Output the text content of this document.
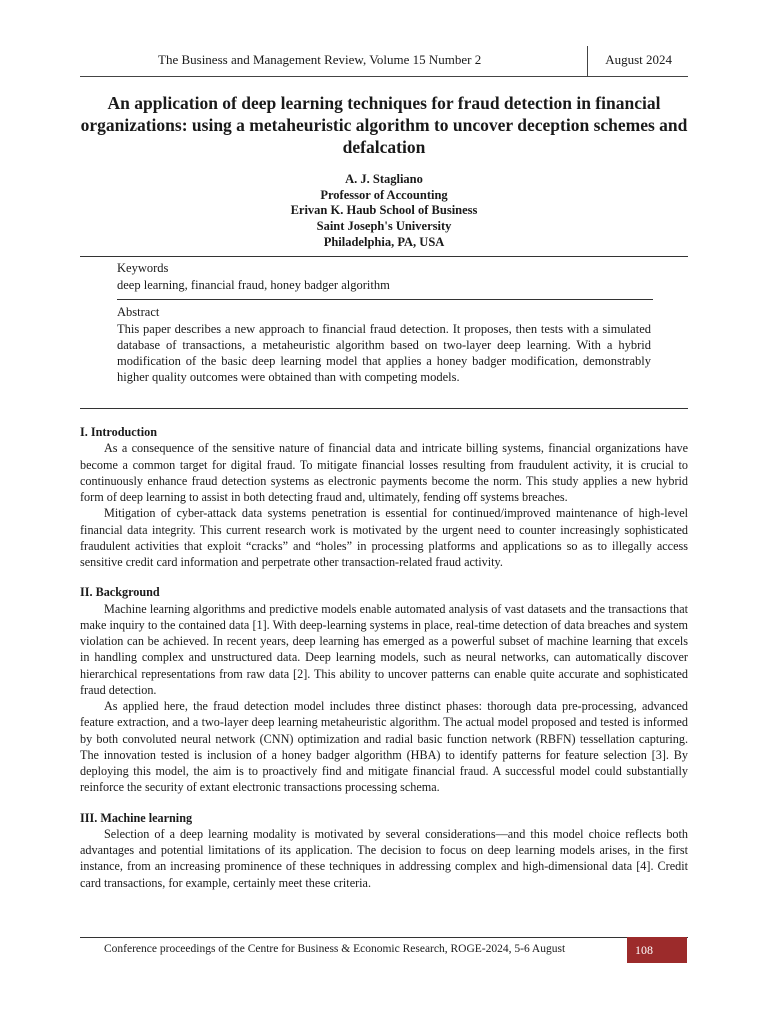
The Business and Management Review, Volume 15 Number 2	August 2024
An application of deep learning techniques for fraud detection in financial organizations: using a metaheuristic algorithm to uncover deception schemes and defalcation
A. J. Stagliano
Professor of Accounting
Erivan K. Haub School of Business
Saint Joseph's University
Philadelphia, PA, USA
Keywords
deep learning, financial fraud, honey badger algorithm
Abstract
This paper describes a new approach to financial fraud detection. It proposes, then tests with a simulated database of transactions, a metaheuristic algorithm based on two-layer deep learning. With a hybrid modification of the basic deep learning model that applies a honey badger modification, demonstrably higher quality outcomes were obtained than with competing models.
I. Introduction

As a consequence of the sensitive nature of financial data and intricate billing systems, financial organizations have become a common target for digital fraud. To mitigate financial losses resulting from fraudulent activity, it is crucial to continuously enhance fraud detection systems as electronic payments become the norm. This study applies a new hybrid form of deep learning to assist in both detecting fraud and, ultimately, fending off systems breaches.

Mitigation of cyber-attack data systems penetration is essential for continued/improved maintenance of high-level financial data integrity. This current research work is motivated by the urgent need to counter increasingly sophisticated fraudulent activities that exploit “cracks” and “holes” in processing platforms and applications so as to illegally access sensitive credit card information and perpetrate other transaction-related fraud activity.

II. Background

Machine learning algorithms and predictive models enable automated analysis of vast datasets and the transactions that make inquiry to the contained data [1]. With deep-learning systems in place, real-time detection of data breaches and system violation can be achieved. In recent years, deep learning has emerged as a powerful subset of machine learning that excels in handling complex and unstructured data. Deep learning models, such as neural networks, can automatically discover hierarchical representations from raw data [2]. This ability to uncover patterns can enable quite accurate and sophisticated fraud detection.

As applied here, the fraud detection model includes three distinct phases: thorough data pre-processing, advanced feature extraction, and a two-layer deep learning metaheuristic algorithm. The actual model proposed and tested is informed by both convoluted neural network (CNN) optimization and radial basic function network (RBFN) tessellation capturing. The innovation tested is inclusion of a honey badger algorithm (HBA) to identify patterns for feature selection [3]. By deploying this model, the aim is to proactively find and mitigate financial fraud. A successful model could substantially reinforce the security of extant electronic transactions processing schema.

III. Machine learning

Selection of a deep learning modality is motivated by several considerations—and this model choice reflects both advantages and potential limitations of its application. The decision to focus on deep learning models arises, in the first instance, from an increasing prominence of these techniques in addressing complex and high-dimensional data [4]. Credit card transactions, for example, certainly meet these criteria.

Conference proceedings of the Centre for Business & Economic Research, ROGE-2024, 5-6 August	108
